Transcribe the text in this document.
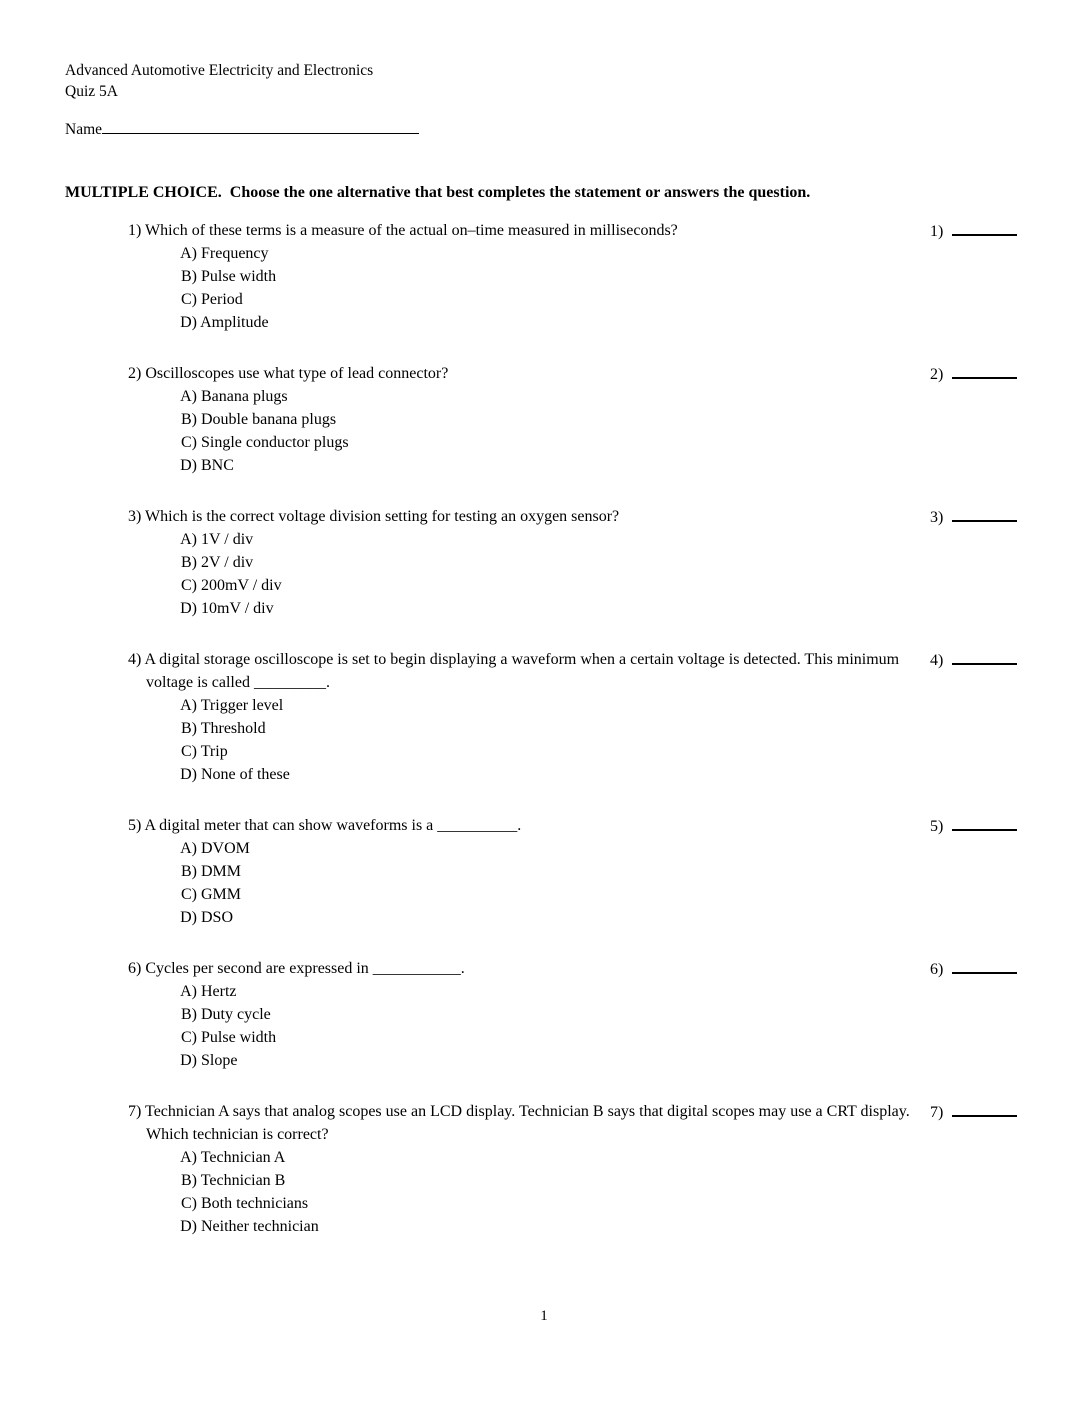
Advanced Automotive Electricity and Electronics
Quiz 5A
Name
MULTIPLE CHOICE.  Choose the one alternative that best completes the statement or answers the question.

1) Which of these terms is a measure of the actual on–time measured in milliseconds?

A) Frequency

B) Pulse width

C) Period

D) Amplitude

1)

2) Oscilloscopes use what type of lead connector?

A) Banana plugs

B) Double banana plugs

C) Single conductor plugs

D) BNC

2)

3) Which is the correct voltage division setting for testing an oxygen sensor?

A) 1V / div

B) 2V / div

C) 200mV / div

D) 10mV / div

3)

4) A digital storage oscilloscope is set to begin displaying a waveform when a certain voltage is detected. This minimum voltage is called _________.

A) Trigger level

B) Threshold

C) Trip

D) None of these

4)

5) A digital meter that can show waveforms is a __________.

A) DVOM

B) DMM

C) GMM

D) DSO

5)

6) Cycles per second are expressed in ___________.

A) Hertz

B) Duty cycle

C) Pulse width

D) Slope

6)

7) Technician A says that analog scopes use an LCD display. Technician B says that digital scopes may use a CRT display. Which technician is correct?

A) Technician A

B) Technician B

C) Both technicians

D) Neither technician

7)
1
